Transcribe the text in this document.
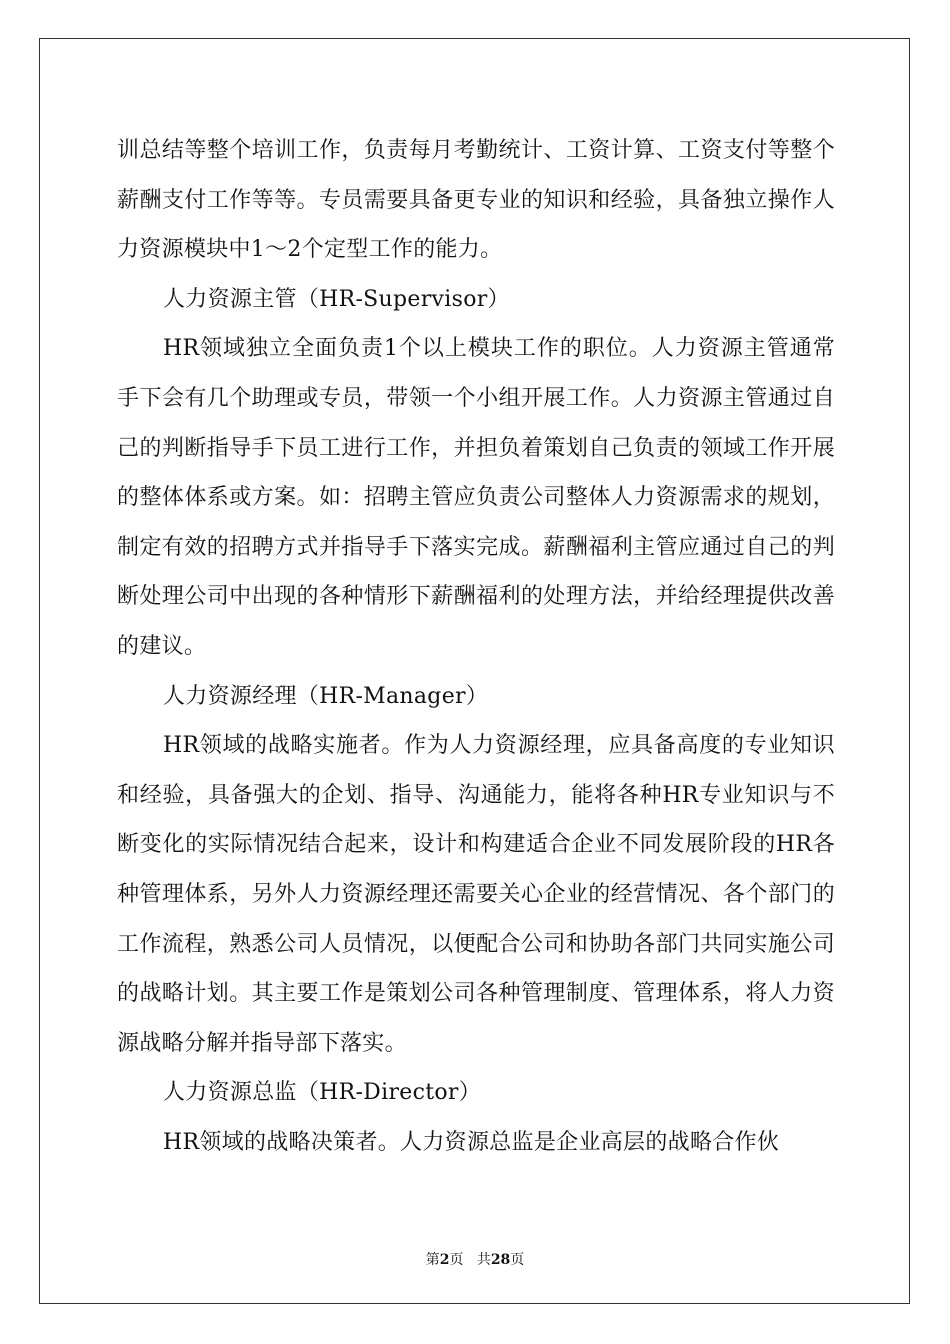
训总结等整个培训工作，负责每月考勤统计、工资计算、工资支付等整个薪酬支付工作等等。专员需要具备更专业的知识和经验，具备独立操作人力资源模块中1～2个定型工作的能力。

人力资源主管（HR-Supervisor）

HR领域独立全面负责1个以上模块工作的职位。人力资源主管通常手下会有几个助理或专员，带领一个小组开展工作。人力资源主管通过自己的判断指导手下员工进行工作，并担负着策划自己负责的领域工作开展的整体体系或方案。如：招聘主管应负责公司整体人力资源需求的规划，制定有效的招聘方式并指导手下落实完成。薪酬福利主管应通过自己的判断处理公司中出现的各种情形下薪酬福利的处理方法，并给经理提供改善的建议。

人力资源经理（HR-Manager）

HR领域的战略实施者。作为人力资源经理，应具备高度的专业知识和经验，具备强大的企划、指导、沟通能力，能将各种HR专业知识与不断变化的实际情况结合起来，设计和构建适合企业不同发展阶段的HR各种管理体系，另外人力资源经理还需要关心企业的经营情况、各个部门的工作流程，熟悉公司人员情况，以便配合公司和协助各部门共同实施公司的战略计划。其主要工作是策划公司各种管理制度、管理体系，将人力资源战略分解并指导部下落实。

人力资源总监（HR-Director）

HR领域的战略决策者。人力资源总监是企业高层的战略合作伙

第2页 共28页
